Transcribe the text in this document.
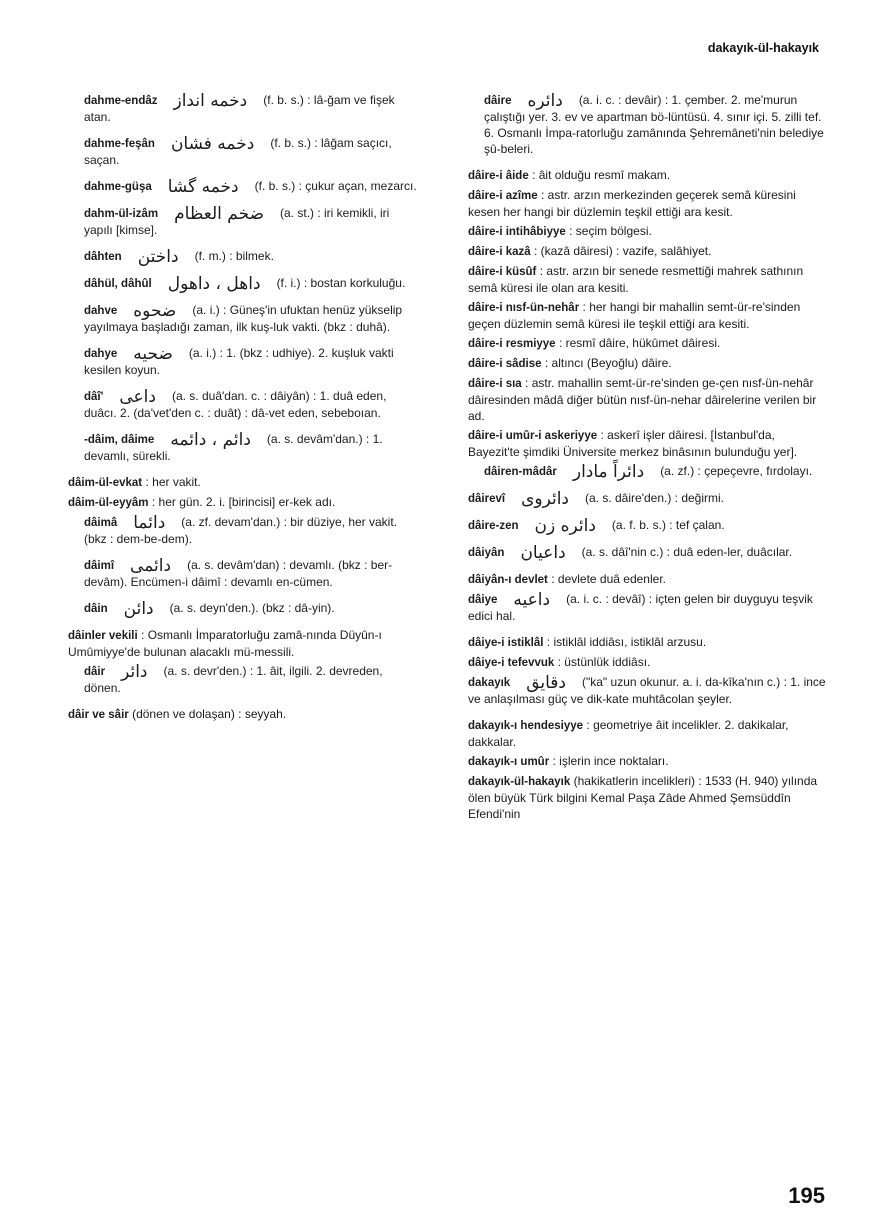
dakayık-ül-hakayık
dahme-endâz دخمه انداز (f. b. s.) : lâ-ğam ve fişek atan.
dahme-feşân دخمه فشان (f. b. s.) : lâğam saçıcı, saçan.
dahme-güşa دخمه گشا (f. b. s.) : çukur açan, mezarcı.
dahm-ül-izâm ضخم العظام (a. st.) : iri kemikli, iri yapılı [kimse].
dâhten داختن (f. m.) : bilmek.
dâhül, dâhûl داهل ، داهول (f. i.) : bostan korkuluğu.
dahve ضحوه (a. i.) : Güneş'in ufuktan henüz yükselip yayılmaya başladığı zaman, ilk kuş-luk vakti. (bkz : duhâ).
dahye ضحيه (a. i.) : 1. (bkz : udhiye). 2. kuşluk vakti kesilen koyun.
dâî' داعى (a. s. duâ'dan. c. : dâiyân) : 1. duâ eden, duâcı. 2. (da'vet'den c. : duât) : dâ-vet eden, sebeboıan.
-dâim, dâime دائم ، دائمه (a. s. devâm'dan.) : 1. devamlı, sürekli.
dâim-ül-evkat : her vakit.
dâim-ül-eyyâm : her gün. 2. i. [birincisi] er-kek adı.
dâimâ دائما (a. zf. devam'dan.) : bir düziye, her vakit. (bkz : dem-be-dem).
dâimî دائمى (a. s. devâm'dan) : devamlı. (bkz : ber-devâm). Encümen-i dâimî : devamlı en-cümen.
dâin دائن (a. s. deyn'den.). (bkz : dâ-yin).
dâinler vekili : Osmanlı İmparatorluğu zamâ-nında Düyûn-ı Umûmiyye'de bulunan alacaklı mü-messili.
dâir دائر (a. s. devr'den.) : 1. âit, ilgili. 2. devreden, dönen.
dâir ve sâir (dönen ve dolaşan) : seyyah.
dâire دائره (a. i. c. : devâir) : 1. çember. 2. me'murun çalıştığı yer. 3. ev ve apartman bö-lüntüsü. 4. sınır içi. 5. zilli tef. 6. Osmanlı İmpa-ratorluğu zamânında Şehremâneti'nin belediye şû-beleri.
dâire-i âide : âit olduğu resmî makam.
dâire-i azîme : astr. arzın merkezinden geçerek semâ küresini kesen her hangi bir düzlemin teşkil ettiği ara kesit.
dâire-i intihâbiyye : seçim bölgesi.
dâire-i kazâ : (kazâ dâiresi) : vazife, salâhiyet.
dâire-i küsûf : astr. arzın bir senede resmettiği mahrek sathının semâ küresi ile olan ara kesiti.
dâire-i nısf-ün-nehâr : her hangi bir mahallin semt-ür-re'sinden geçen düzlemin semâ küresi ile teşkil ettiği ara kesiti.
dâire-i resmiyye : resmî dâire, hükûmet dâiresi.
dâire-i sâdise : altıncı (Beyoğlu) dâire.
dâire-i sıa : astr. mahallin semt-ür-re'sinden ge-çen nısf-ün-nehâr dâiresinden mâdâ diğer bütün nısf-ün-nehar dâirelerine verilen bir ad.
dâire-i umûr-i askeriyye : askerî işler dâiresi. [İstanbul'da, Bayezit'te şimdiki Üniversite merkez binâsının bulunduğu yer].
dâiren-mâdâr دائراً مادار (a. zf.) : çepeçevre, fırdolayı.
dâirevî دائروى (a. s. dâire'den.) : değirmi.
dâire-zen دائره زن (a. f. b. s.) : tef çalan.
dâiyân داعيان (a. s. dâî'nin c.) : duâ eden-ler, duâcılar.
dâiyân-ı devlet : devlete duâ edenler.
dâiye داعيه (a. i. c. : devâî) : içten gelen bir duyguyu teşvik edici hal.
dâiye-i istiklâl : istiklâl iddiâsı, istiklâl arzusu.
dâiye-i tefevvuk : üstünlük iddiâsı.
dakayık دقايق ("ka" uzun okunur. a. i. da-kîka'nın c.) : 1. ince ve anlaşılması güç ve dik-kate muhtâcolan şeyler.
dakayık-ı hendesiyye : geometriye âit incelikler. 2. dakikalar, dakkalar.
dakayık-ı umûr : işlerin ince noktaları.
dakayık-ül-hakayık (hakikatlerin incelikleri) : 1533 (H. 940) yılında ölen büyük Türk bilgini Kemal Paşa Zâde Ahmed Şemsüddîn Efendi'nin
195
